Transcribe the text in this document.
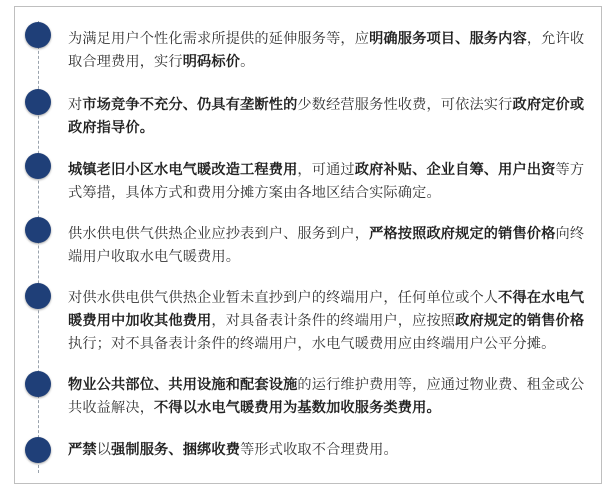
为满足用户个性化需求所提供的延伸服务等，应明确服务项目、服务内容，允许收取合理费用，实行明码标价。

对市场竞争不充分、仍具有垄断性的少数经营服务性收费，可依法实行政府定价或政府指导价。

城镇老旧小区水电气暖改造工程费用，可通过政府补贴、企业自筹、用户出资等方式筹措，具体方式和费用分摊方案由各地区结合实际确定。

供水供电供气供热企业应抄表到户、服务到户，严格按照政府规定的销售价格向终端用户收取水电气暖费用。

对供水供电供气供热企业暂未直抄到户的终端用户，任何单位或个人不得在水电气暖费用中加收其他费用，对具备表计条件的终端用户，应按照政府规定的销售价格执行；对不具备表计条件的终端用户，水电气暖费用应由终端用户公平分摊。

物业公共部位、共用设施和配套设施的运行维护费用等，应通过物业费、租金或公共收益解决，不得以水电气暖费用为基数加收服务类费用。

严禁以强制服务、捆绑收费等形式收取不合理费用。
